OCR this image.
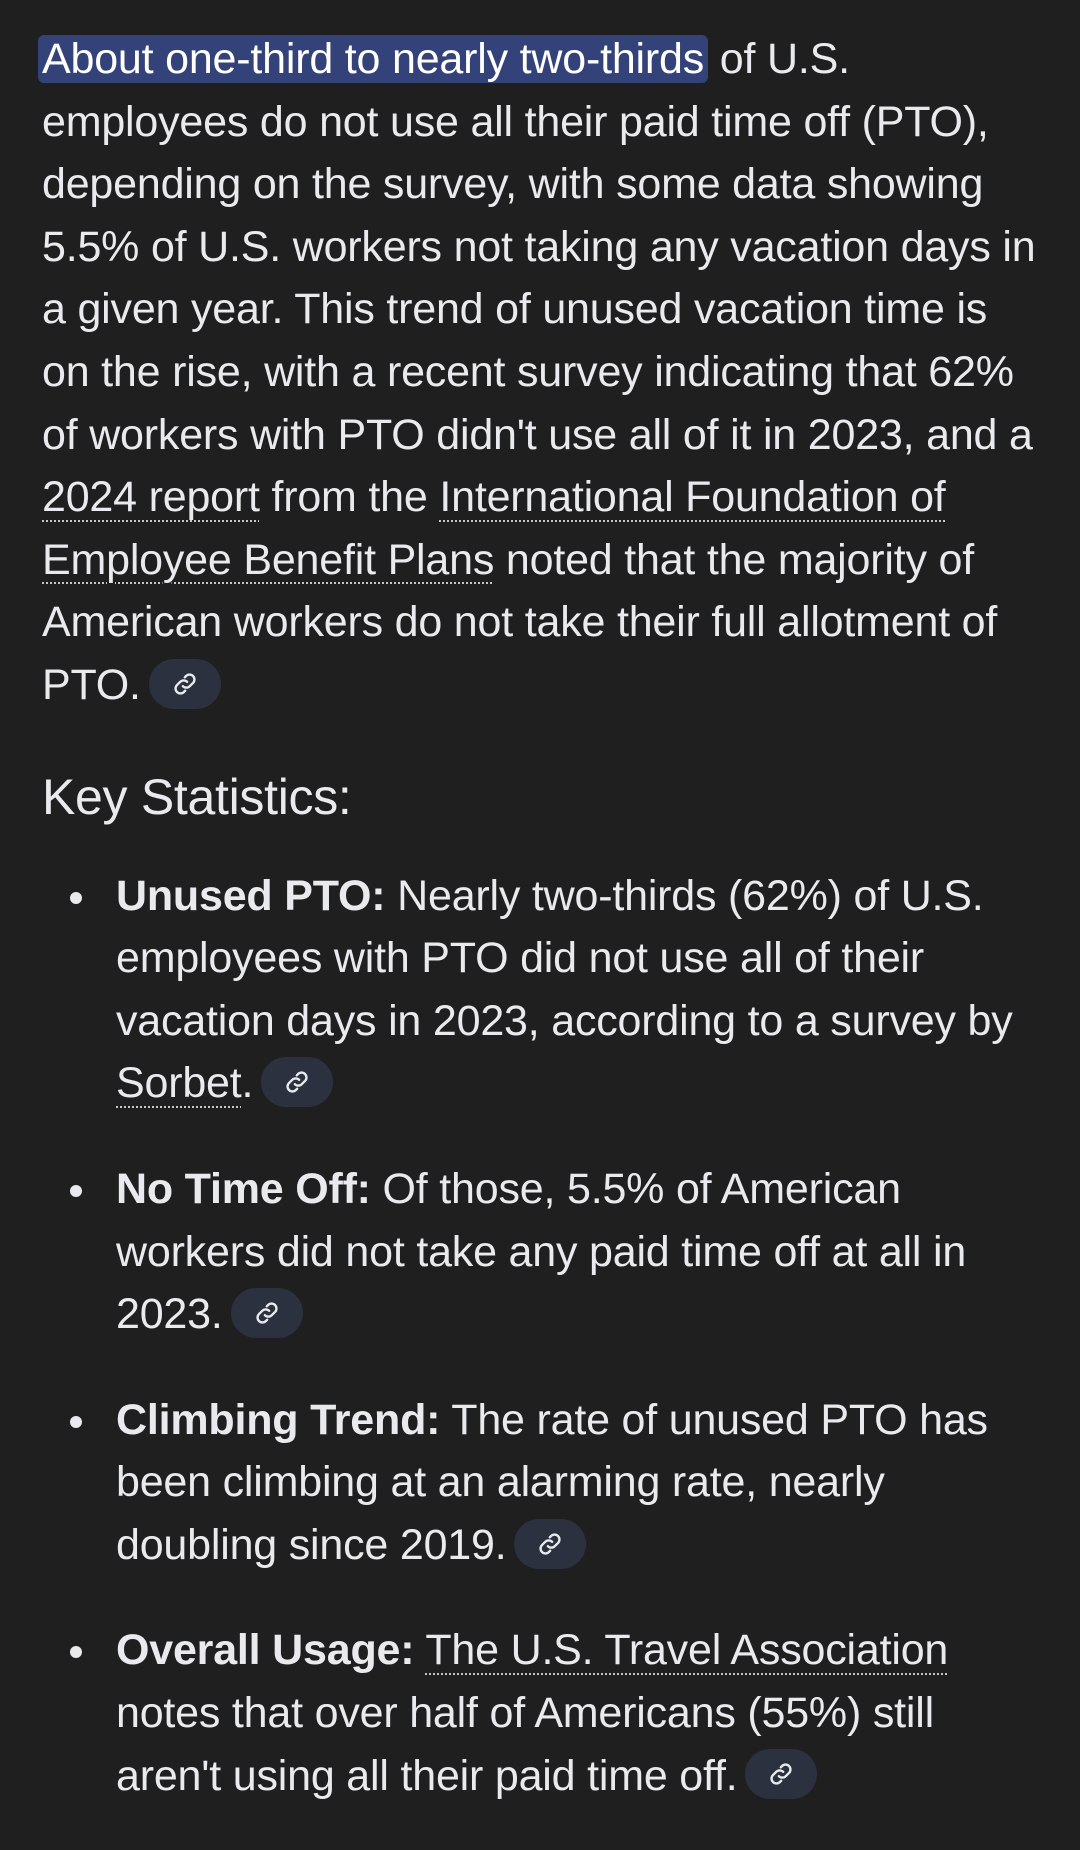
About one-third to nearly two-thirds of U.S. employees do not use all their paid time off (PTO), depending on the survey, with some data showing 5.5% of U.S. workers not taking any vacation days in a given year. This trend of unused vacation time is on the rise, with a recent survey indicating that 62% of workers with PTO didn't use all of it in 2023, and a 2024 report from the International Foundation of Employee Benefit Plans noted that the majority of American workers do not take their full allotment of PTO.

Key Statistics:
Unused PTO: Nearly two-thirds (62%) of U.S. employees with PTO did not use all of their vacation days in 2023, according to a survey by Sorbet.
No Time Off: Of those, 5.5% of American workers did not take any paid time off at all in 2023.
Climbing Trend: The rate of unused PTO has been climbing at an alarming rate, nearly doubling since 2019.
Overall Usage: The U.S. Travel Association notes that over half of Americans (55%) still aren't using all their paid time off.
